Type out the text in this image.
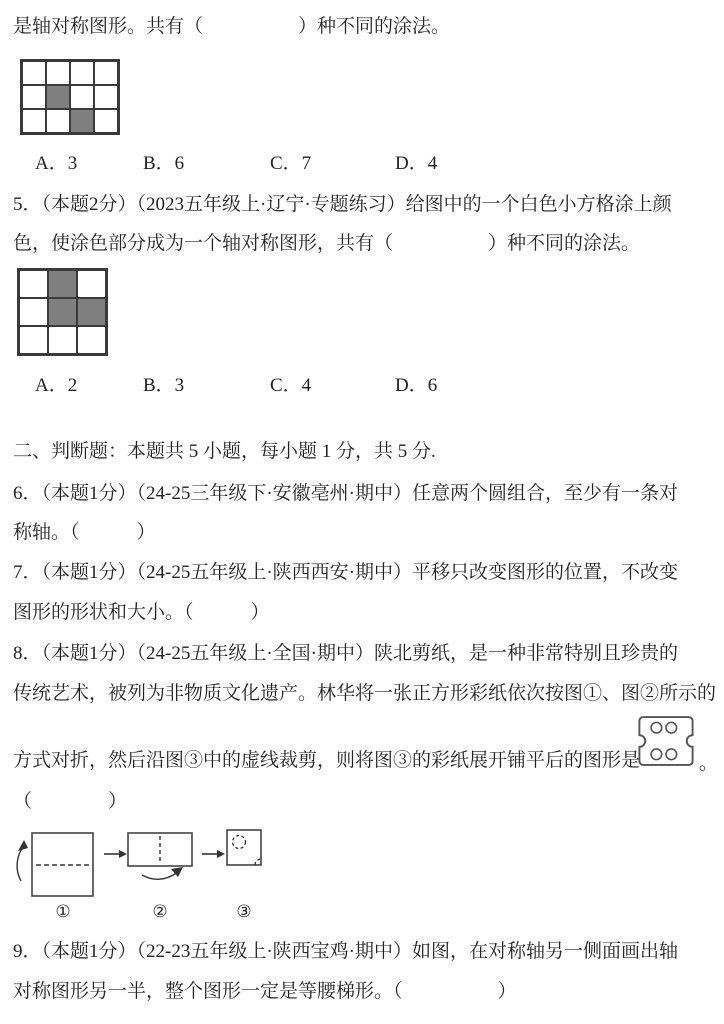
是轴对称图形。共有（　　　　　）种不同的涂法。
A．3	B．6	C．7	D．4
5．（本题2分）（2023五年级上·辽宁·专题练习）给图中的一个白色小方格涂上颜
色，使涂色部分成为一个轴对称图形，共有（　　　　　）种不同的涂法。
A．2	B．3	C．4	D．6
二、判断题：本题共 5 小题，每小题 1 分，共 5 分.
6．（本题1分）（24-25三年级下·安徽亳州·期中）任意两个圆组合，至少有一条对
称轴。（　　　）
7．（本题1分）（24-25五年级上·陕西西安·期中）平移只改变图形的位置，不改变
图形的形状和大小。（　　　）
8．（本题1分）（24-25五年级上·全国·期中）陕北剪纸，是一种非常特别且珍贵的
传统艺术，被列为非物质文化遗产。林华将一张正方形彩纸依次按图①、图②所示的
方式对折，然后沿图③中的虚线裁剪，则将图③的彩纸展开铺平后的图形是	。
（　　　　）
①	②	③
9．（本题1分）（22-23五年级上·陕西宝鸡·期中）如图，在对称轴另一侧面画出轴
对称图形另一半，整个图形一定是等腰梯形。（　　　　　）
